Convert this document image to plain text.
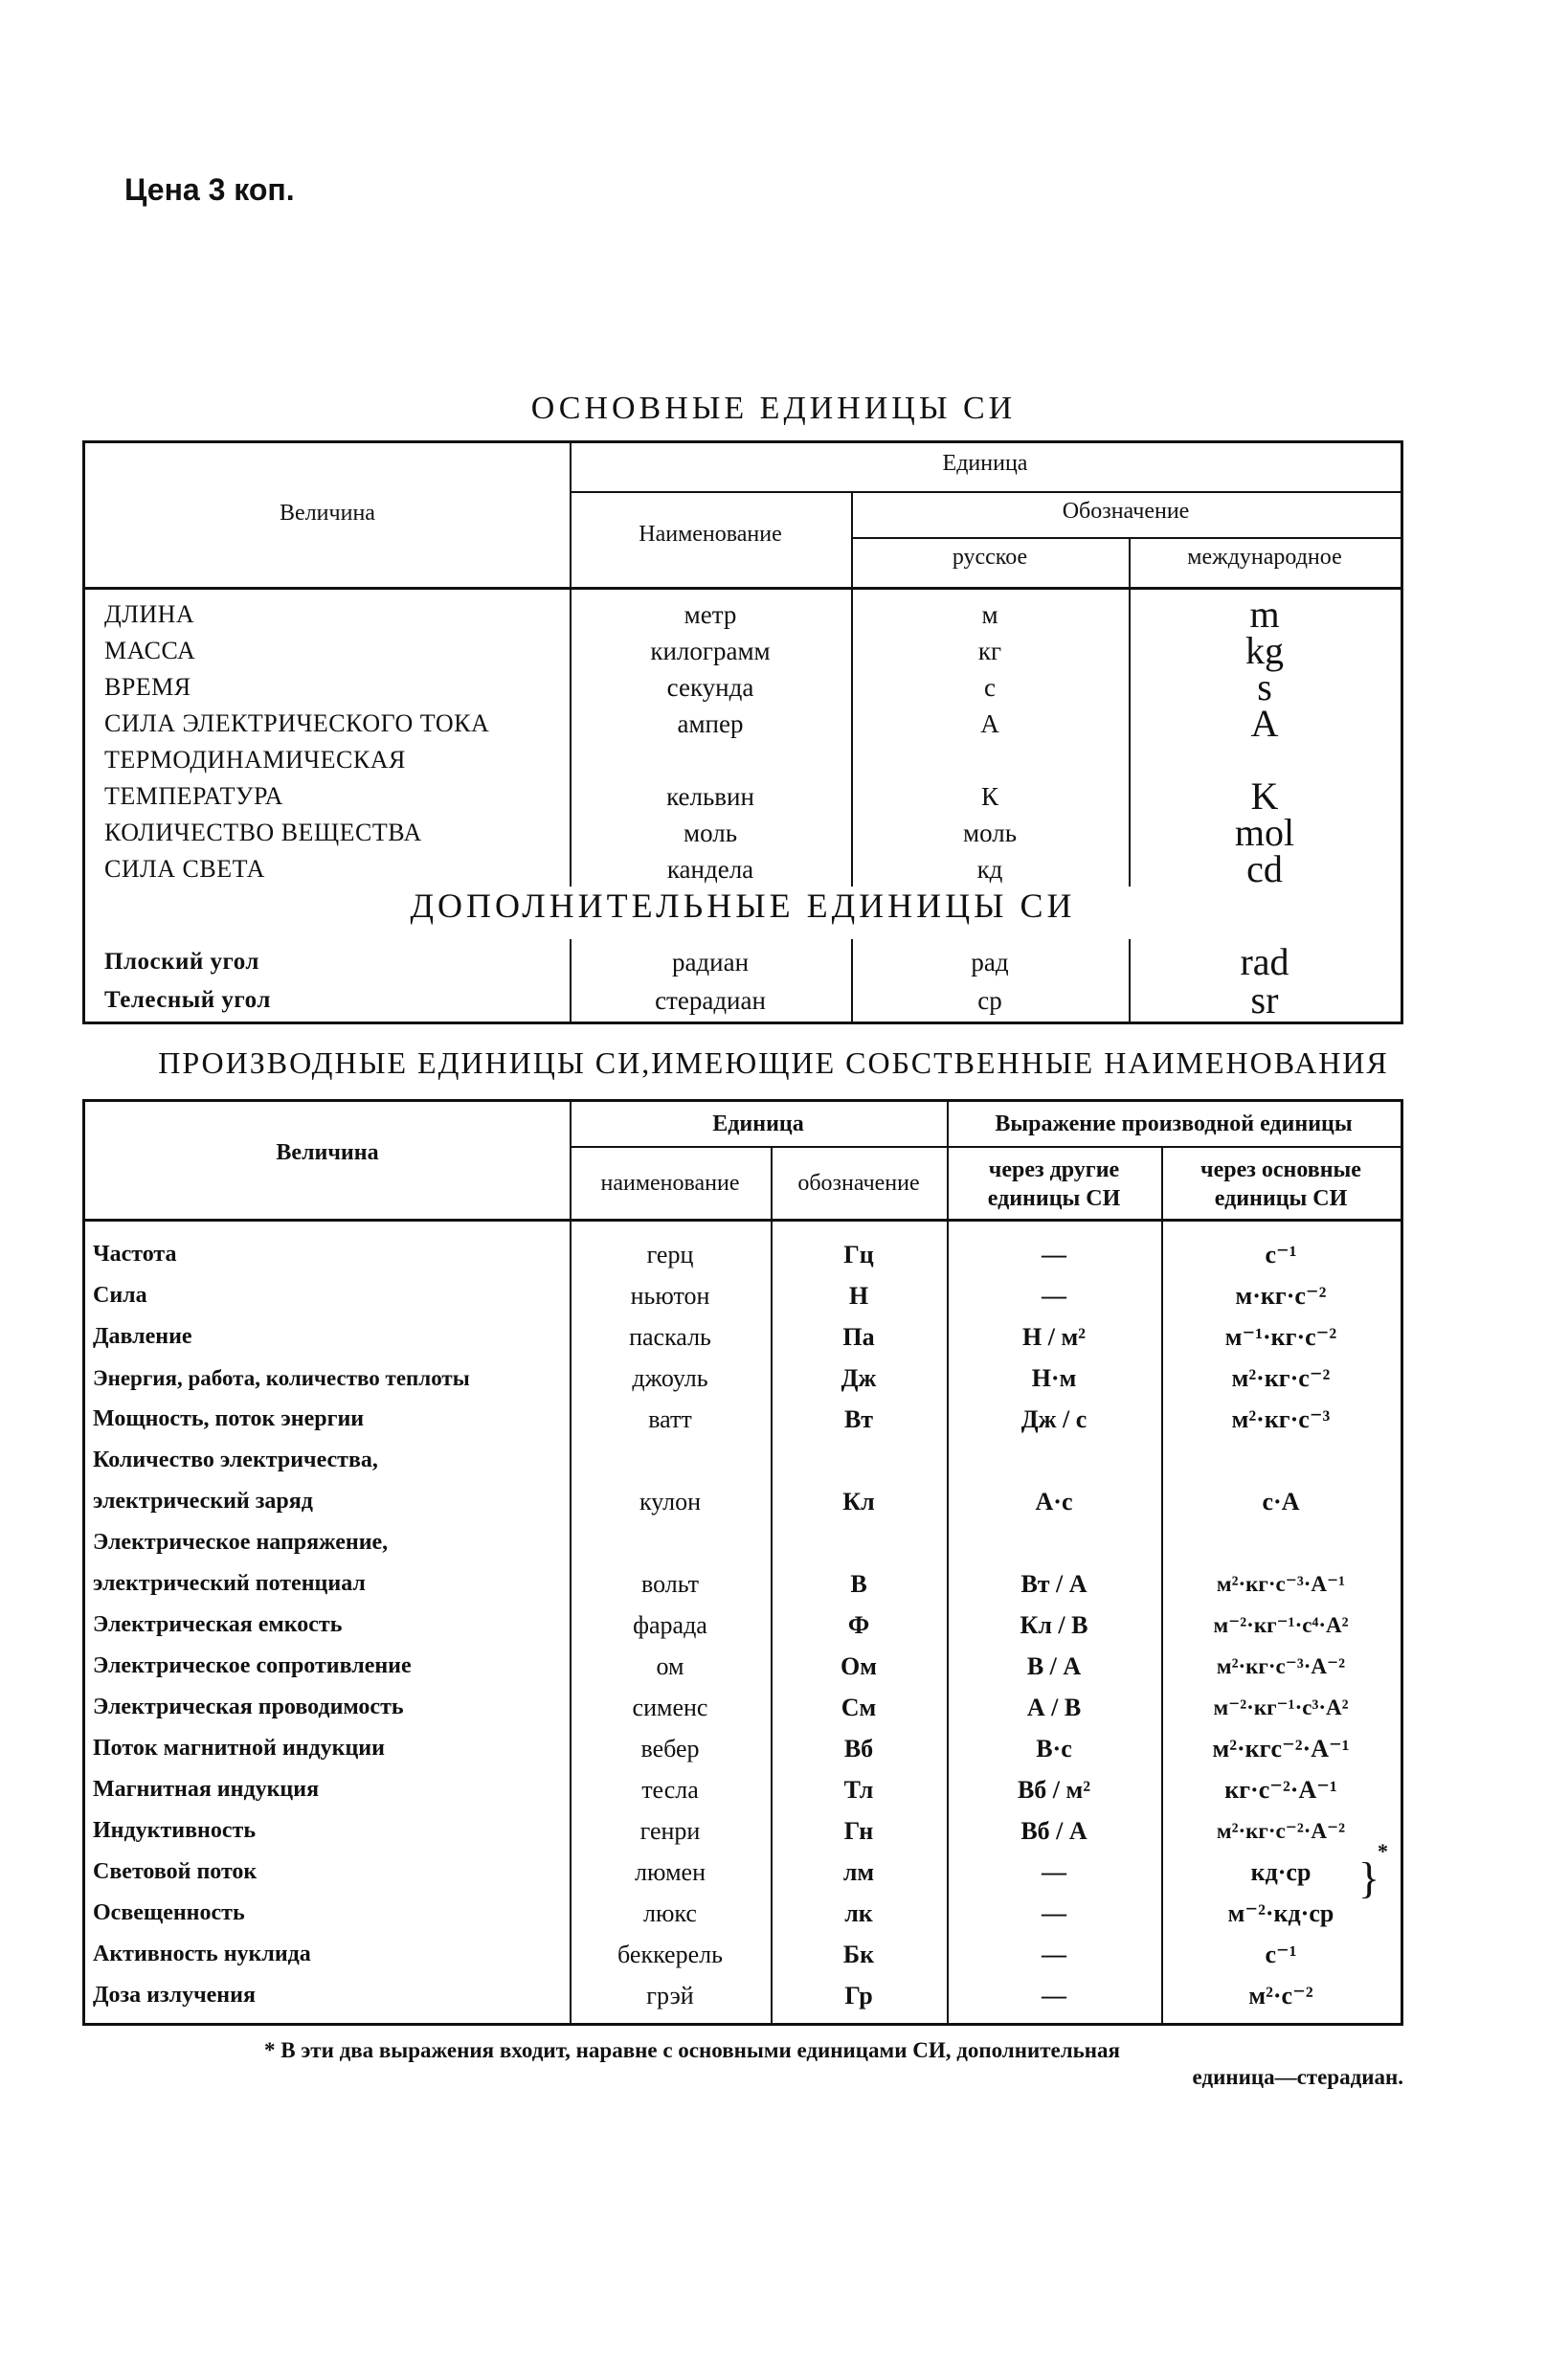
Цена 3 коп.
ОСНОВНЫЕ ЕДИНИЦЫ СИ
Величина
Единица
Наименование
Обозначение
русское	международное
ДЛИНА
МАССА
ВРЕМЯ
СИЛА ЭЛЕКТРИЧЕСКОГО ТОКА
ТЕРМОДИНАМИЧЕСКАЯ
ТЕМПЕРАТУРА
КОЛИЧЕСТВО ВЕЩЕСТВА
СИЛА СВЕТА
метр
килограмм
секунда
ампер
кельвин
моль
кандела
м
кг
с
А
К
моль
кд
m
kg
s
A
K
mol
cd
ДОПОЛНИТЕЛЬНЫЕ ЕДИНИЦЫ СИ
Плоский угол
Телесный угол
радиан
стерадиан
рад
ср
rad
sr
ПРОИЗВОДНЫЕ ЕДИНИЦЫ СИ,ИМЕЮЩИЕ СОБСТВЕННЫЕ НАИМЕНОВАНИЯ
Величина
Единица
наименование	обозначение
Выражение производной единицы
через другие
единицы СИ
через основные
единицы СИ
Частота
Сила
Давление
Энергия, работа, количество теплоты
Мощность, поток энергии
Количество электричества,
электрический заряд
Электрическое напряжение,
электрический потенциал
Электрическая емкость
Электрическое сопротивление
Электрическая проводимость
Поток магнитной индукции
Магнитная индукция
Индуктивность
Световой поток
Освещенность
Активность нуклида
Доза излучения
герц
ньютон
паскаль
джоуль
ватт
кулон
вольт
фарада
ом
сименс
вебер
тесла
генри
люмен
люкс
беккерель
грэй
Гц
Н
Па
Дж
Вт
Кл
В
Ф
Ом
См
Вб
Тл
Гн
лм
лк
Бк
Гр
—
—
Н / м²
Н·м
Дж / с
А·с
Вт / А
Кл / В
В / А
А / В
В·с
Вб / м²
Вб / А
—
—
—
—
с⁻¹
м·кг·с⁻²
м⁻¹·кг·с⁻²
м²·кг·с⁻²
м²·кг·с⁻³
с·А
м²·кг·с⁻³·А⁻¹
м⁻²·кг⁻¹·с⁴·А²
м²·кг·с⁻³·А⁻²
м⁻²·кг⁻¹·с³·А²
м²·кгс⁻²·А⁻¹
кг·с⁻²·А⁻¹
м²·кг·с⁻²·А⁻²
кд·ср
м⁻²·кд·ср
с⁻¹
м²·с⁻²
}
*
* В эти два выражения входит, наравне с основными единицами СИ, дополнительная
единица—стерадиан.
